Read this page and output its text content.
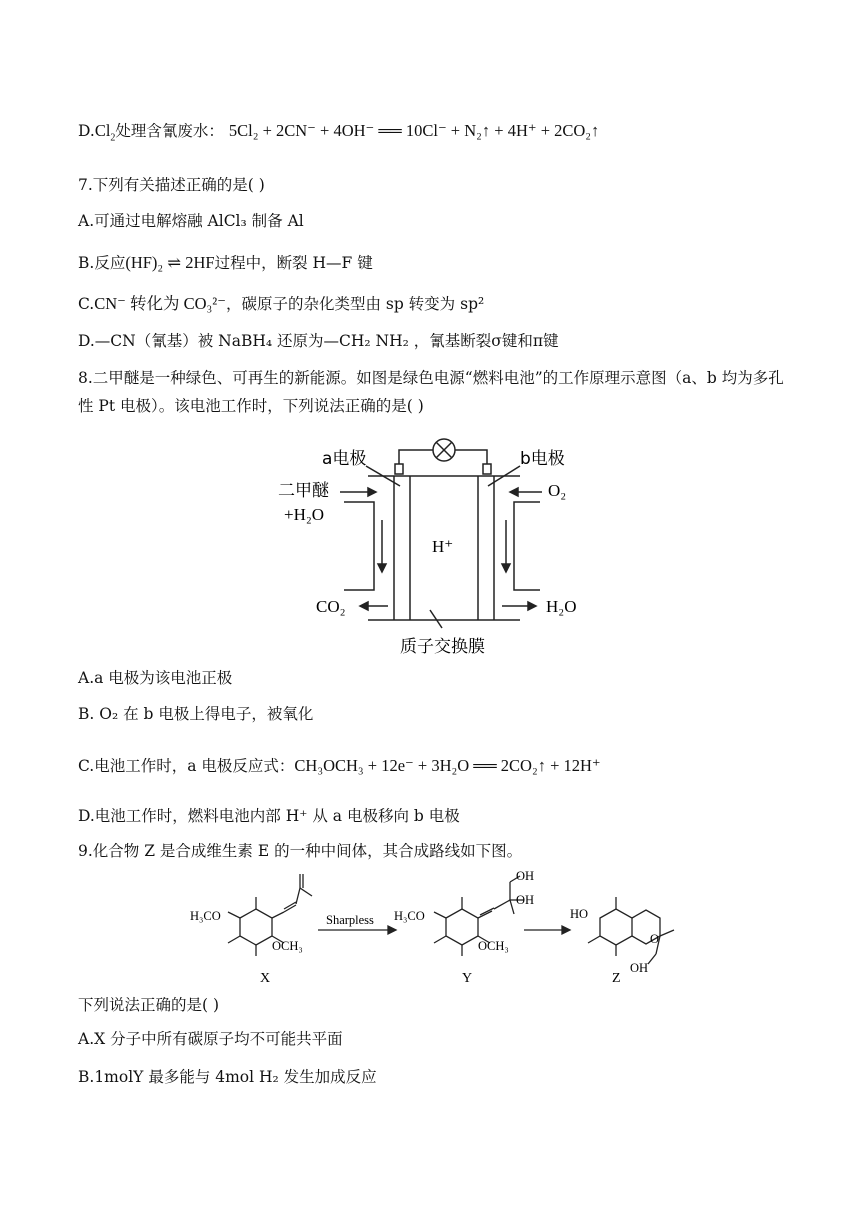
$D.Cl_2$处理含氰废水： 5Cl₂ + 2CN⁻ + 4OH⁻ ══ 10Cl⁻ + N₂↑ + 4H⁺ + 2CO₂↑
7.下列有关描述正确的是( )
A.可通过电解熔融 AlCl₃ 制备 Al
B.反应(HF)₂ ⇌ 2HF过程中，断裂 H—F 键
C.CN⁻ 转化为 CO₃²⁻，碳原子的杂化类型由 sp 转变为 sp²
D.—CN（氰基）被 NaBH₄ 还原为—CH₂ NH₂ ，氰基断裂σ键和π键
8.二甲醚是一种绿色、可再生的新能源。如图是绿色电源“燃料电池”的工作原理示意图（a、b 均为多孔性 Pt 电极）。该电池工作时，下列说法正确的是( )
a电极	b电极
二甲醚
+H₂O
O₂
H⁺
CO₂	H₂O
质子交换膜
A.a 电极为该电池正极
B. O₂ 在 b 电极上得电子，被氧化
C.电池工作时，a 电极反应式：CH₃OCH₃ + 12e⁻ + 3H₂O ══ 2CO₂↑ + 12H⁺
D.电池工作时，燃料电池内部 H⁺ 从 a 电极移向 b 电极
9.化合物 Z 是合成维生素 E 的一种中间体，其合成路线如下图。
H₃CO
OCH₃
Sharpless H₃CO
OCH₃
OH
OH
HO
O
OH
X	Y	Z
下列说法正确的是( )
A.X 分子中所有碳原子均不可能共平面
B.1molY 最多能与 4mol H₂ 发生加成反应
